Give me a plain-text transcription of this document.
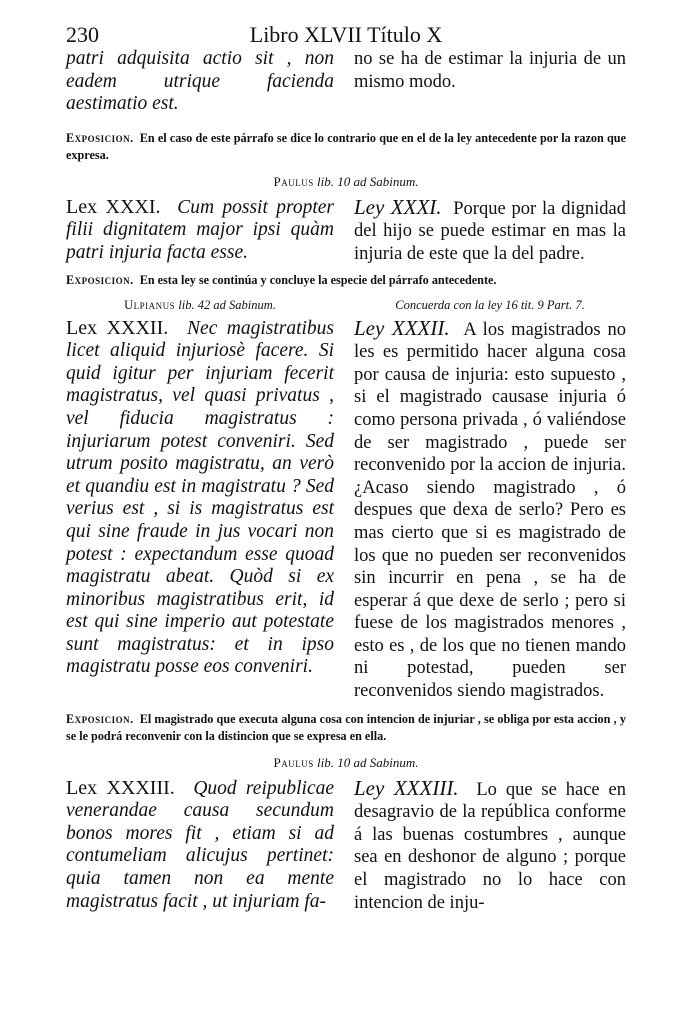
230	Libro XLVII Título X
patri adquisita actio sit , non eadem utrique facienda aestimatio est.
no se ha de estimar la injuria de un mismo modo.
Exposicion. En el caso de este párrafo se dice lo contrario que en el de la ley antecedente por la razon que expresa.
Paulus lib. 10 ad Sabinum.
Lex XXXI. Cum possit propter filii dignitatem major ipsi quàm patri injuria facta esse.
Ley XXXI. Porque por la dignidad del hijo se puede estimar en mas la injuria de este que la del padre.
Exposicion. En esta ley se continúa y concluye la especie del párrafo antecedente.
Ulpianus lib. 42 ad Sabinum.	Concuerda con la ley 16 tit. 9 Part. 7.
Lex XXXII. Nec magistratibus licet aliquid injuriosè facere. Si quid igitur per injuriam fecerit magistratus, vel quasi privatus , vel fiducia magistratus : injuriarum potest conveniri. Sed utrum posito magistratu, an verò et quandiu est in magistratu ? Sed verius est , si is magistratus est qui sine fraude in jus vocari non potest : expectandum esse quoad magistratu abeat. Quòd si ex minoribus magistratibus erit, id est qui sine imperio aut potestate sunt magistratus: et in ipso magistratu posse eos conveniri.
Ley XXXII. A los magistrados no les es permitido hacer alguna cosa por causa de injuria: esto supuesto , si el magistrado causase injuria ó como persona privada , ó valiéndose de ser magistrado , puede ser reconvenido por la accion de injuria. ¿Acaso siendo magistrado , ó despues que dexa de serlo? Pero es mas cierto que si es magistrado de los que no pueden ser reconvenidos sin incurrir en pena , se ha de esperar á que dexe de serlo ; pero si fuese de los magistrados menores , esto es , de los que no tienen mando ni potestad, pueden ser reconvenidos siendo magistrados.
Exposicion. El magistrado que executa alguna cosa con intencion de injuriar , se obliga por esta accion , y se le podrá reconvenir con la distincion que se expresa en ella.
Paulus lib. 10 ad Sabinum.
Lex XXXIII. Quod reipublicae venerandae causa secundum bonos mores fit , etiam si ad contumeliam alicujus pertinet: quia tamen non ea mente magistratus facit , ut injuriam fa-
Ley XXXIII. Lo que se hace en desagravio de la república conforme á las buenas costumbres , aunque sea en deshonor de alguno ; porque el magistrado no lo hace con intencion de inju-
